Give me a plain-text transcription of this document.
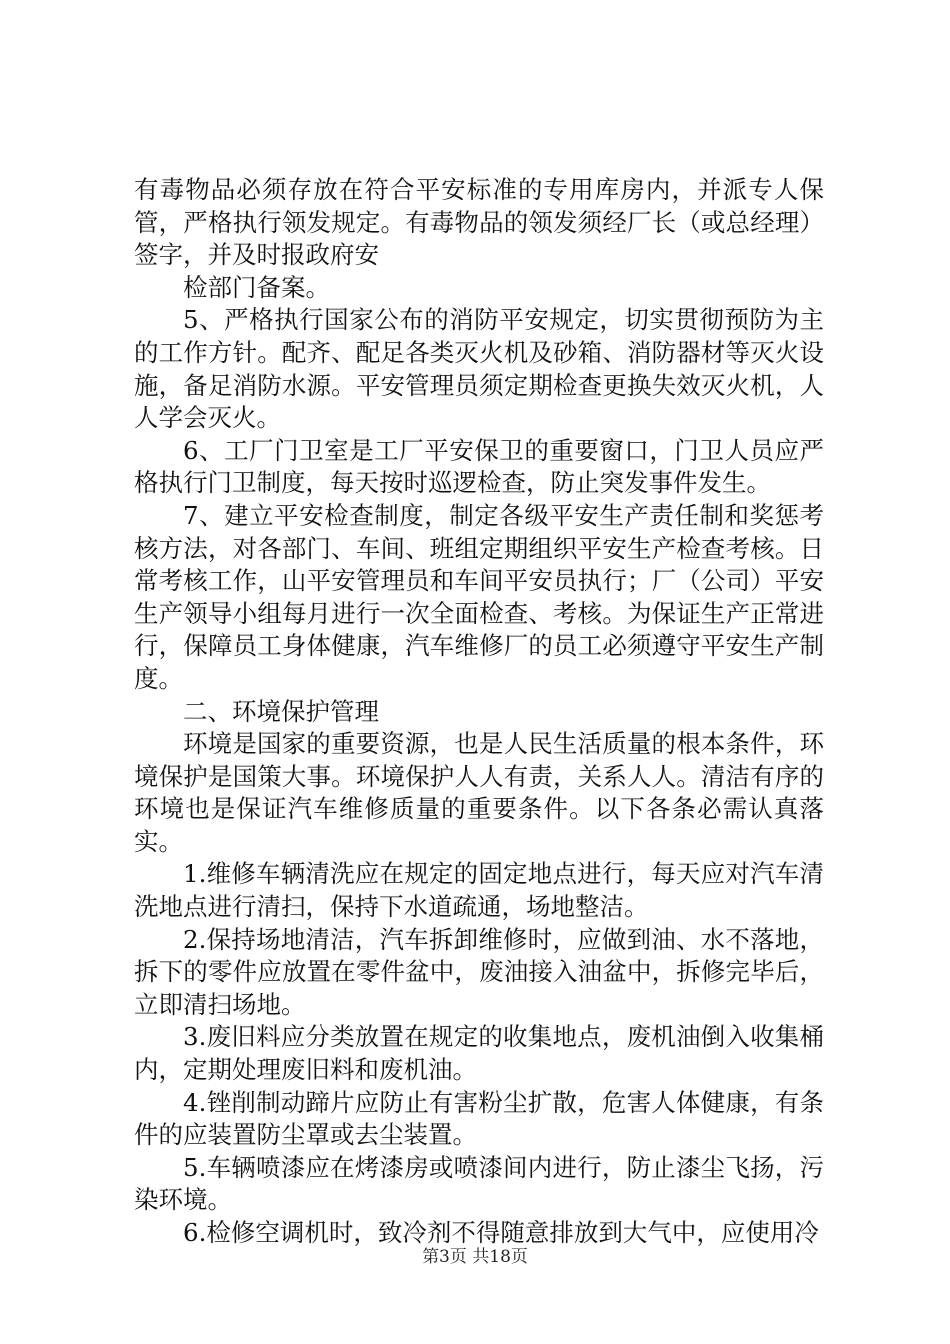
有毒物品必须存放在符合平安标准的专用库房内，并派专人保管，严格执行领发规定。有毒物品的领发须经厂长（或总经理）签字，并及时报政府安

检部门备案。

5、严格执行国家公布的消防平安规定，切实贯彻预防为主的工作方针。配齐、配足各类灭火机及砂箱、消防器材等灭火设施，备足消防水源。平安管理员须定期检查更换失效灭火机，人人学会灭火。

6、工厂门卫室是工厂平安保卫的重要窗口，门卫人员应严格执行门卫制度，每天按时巡逻检查，防止突发事件发生。

7、建立平安检查制度，制定各级平安生产责任制和奖惩考核方法，对各部门、车间、班组定期组织平安生产检查考核。日常考核工作，山平安管理员和车间平安员执行；厂（公司）平安生产领导小组每月进行一次全面检查、考核。为保证生产正常进行，保障员工身体健康，汽车维修厂的员工必须遵守平安生产制度。

二、环境保护管理

环境是国家的重要资源，也是人民生活质量的根本条件，环境保护是国策大事。环境保护人人有责，关系人人。清洁有序的环境也是保证汽车维修质量的重要条件。以下各条必需认真落实。

1.维修车辆清洗应在规定的固定地点进行，每天应对汽车清洗地点进行清扫，保持下水道疏通，场地整洁。

2.保持场地清洁，汽车拆卸维修时，应做到油、水不落地，拆下的零件应放置在零件盆中，废油接入油盆中，拆修完毕后，立即清扫场地。

3.废旧料应分类放置在规定的收集地点，废机油倒入收集桶内，定期处理废旧料和废机油。

4.锉削制动蹄片应防止有害粉尘扩散，危害人体健康，有条件的应装置防尘罩或去尘装置。

5.车辆喷漆应在烤漆房或喷漆间内进行，防止漆尘飞扬，污染环境。

6.检修空调机时，致冷剂不得随意排放到大气中，应使用冷

第3页 共18页
